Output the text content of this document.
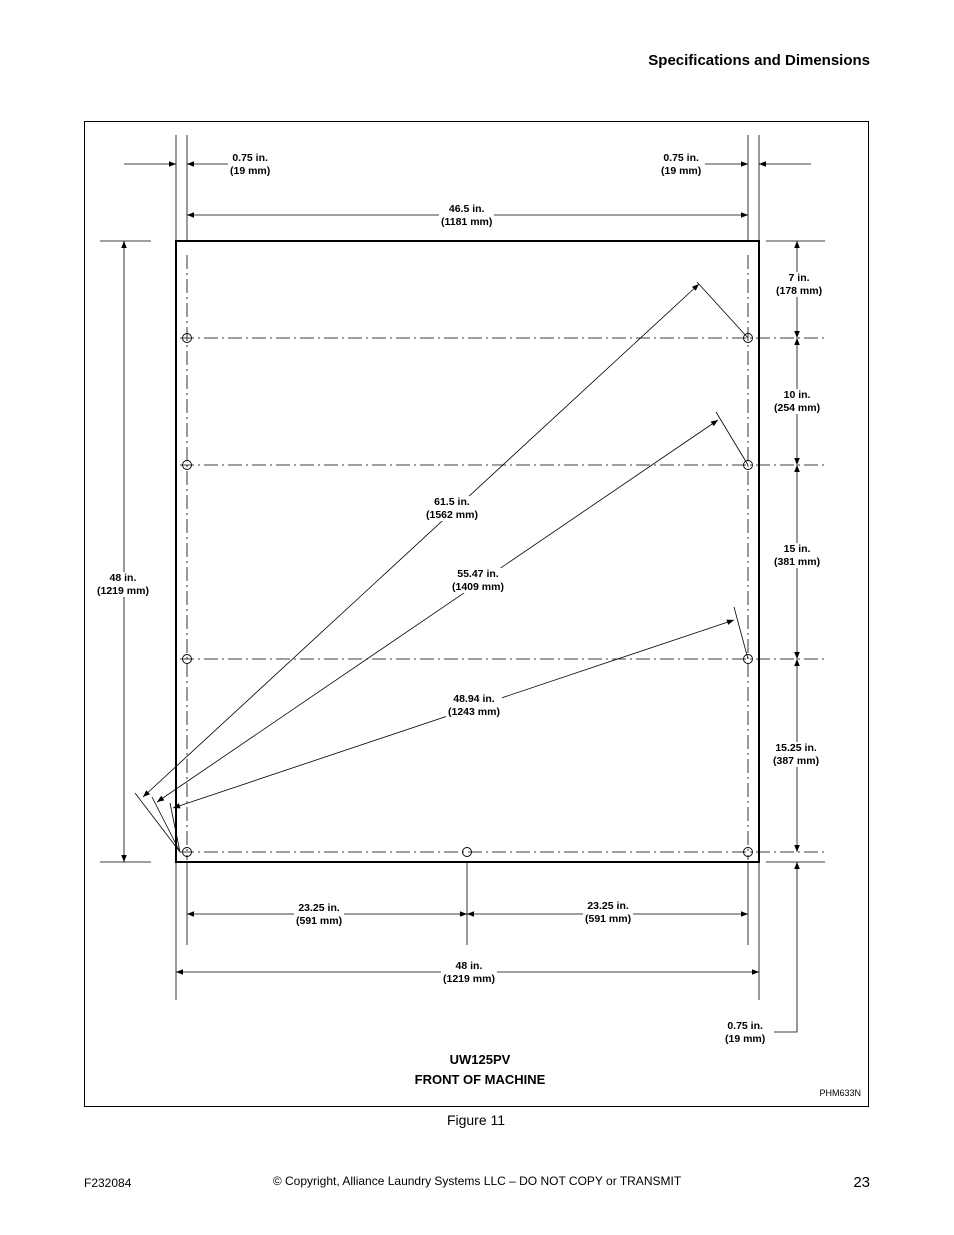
Specifications and Dimensions
0.75 in.
(19 mm)
0.75 in.
(19 mm)
46.5 in.
(1181 mm)
48 in.
(1219 mm)
7 in.
(178 mm)
10 in.
(254 mm)
15 in.
(381 mm)
15.25 in.
(387 mm)
0.75 in.
(19 mm)
61.5 in.
(1562 mm)
55.47 in.
(1409 mm)
48.94 in.
(1243 mm)
23.25 in.
(591 mm)
23.25 in.
(591 mm)
48 in.
(1219 mm)
UW125PV
FRONT OF MACHINE
PHM633N
Figure 11
F232084	© Copyright, Alliance Laundry Systems LLC – DO NOT COPY or TRANSMIT	23
